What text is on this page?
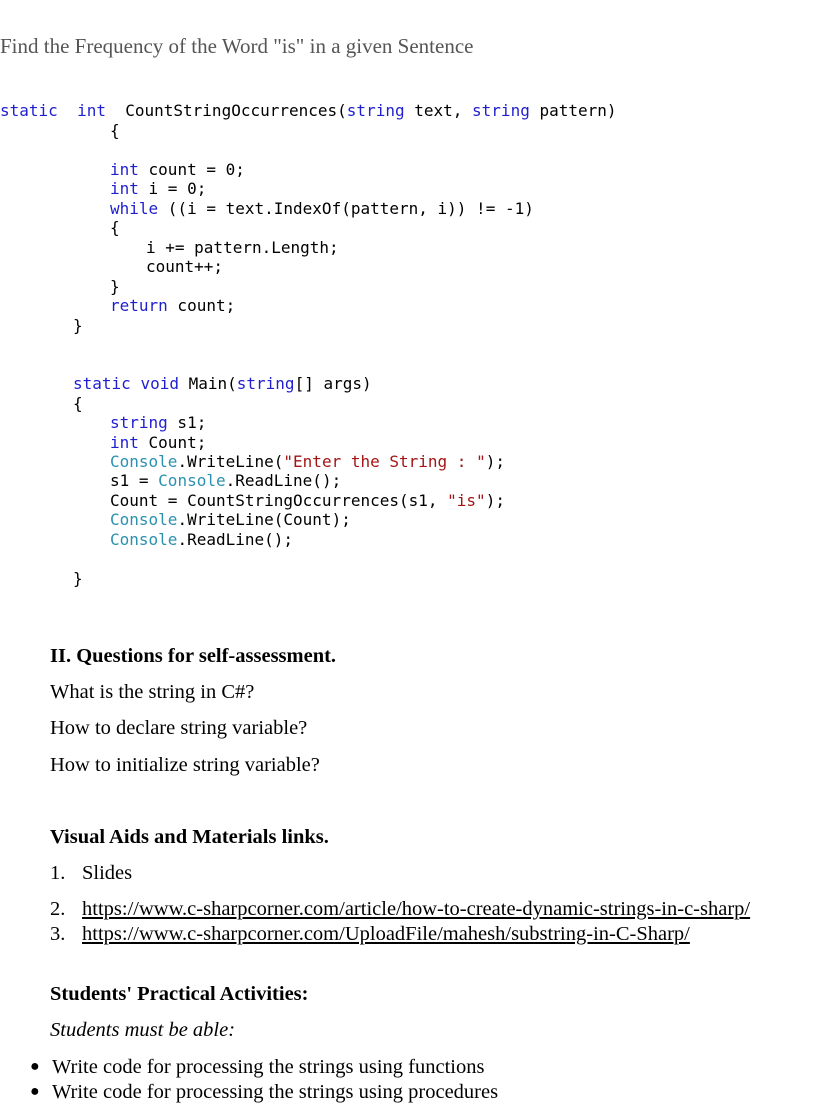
Find the Frequency of the Word "is" in a given Sentence
static int CountStringOccurrences(string text, string pattern)
{
int count = 0;
int i = 0;
while ((i = text.IndexOf(pattern, i)) != -1)
{
i += pattern.Length;
count++;
}
return count;
}
static void Main(string[] args)
{
string s1;
int Count;
Console.WriteLine("Enter the String : ");
s1 = Console.ReadLine();
Count = CountStringOccurrences(s1, "is");
Console.WriteLine(Count);
Console.ReadLine();
}
II. Questions for self-assessment.
What is the string in C#?
How to declare string variable?
How to initialize string variable?
Visual Aids and Materials links.
1. Slides
2. https://www.c-sharpcorner.com/article/how-to-create-dynamic-strings-in-c-sharp/
3. https://www.c-sharpcorner.com/UploadFile/mahesh/substring-in-C-Sharp/
Students' Practical Activities:
Students must be able:
● Write code for processing the strings using functions
● Write code for processing the strings using procedures
